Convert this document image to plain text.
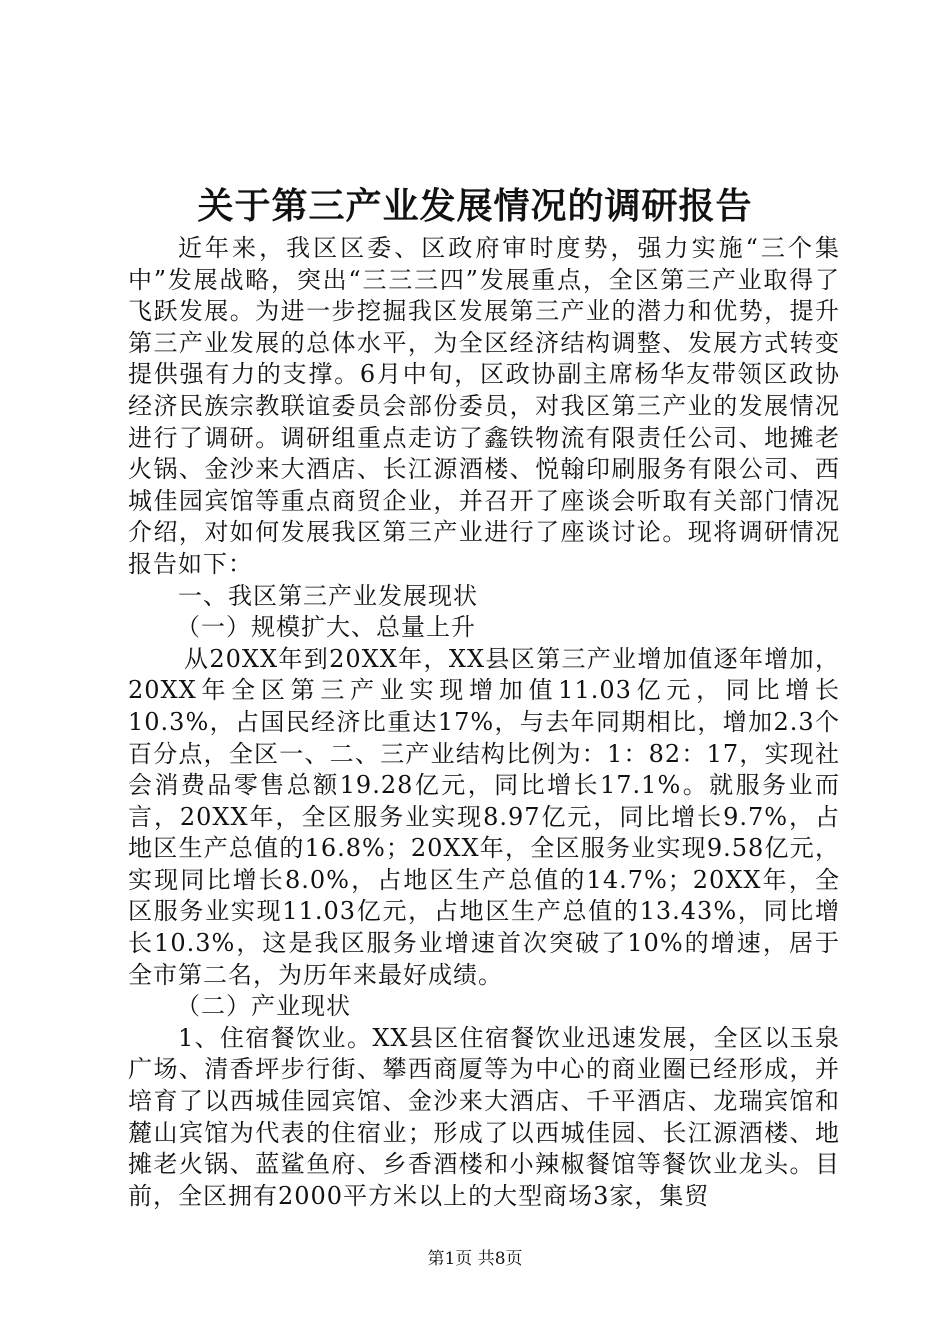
关于第三产业发展情况的调研报告

近年来，我区区委、区政府审时度势，强力实施“三个集中”发展战略，突出“三三三四”发展重点，全区第三产业取得了飞跃发展。为进一步挖掘我区发展第三产业的潜力和优势，提升第三产业发展的总体水平，为全区经济结构调整、发展方式转变提供强有力的支撑。6月中旬，区政协副主席杨华友带领区政协经济民族宗教联谊委员会部份委员，对我区第三产业的发展情况进行了调研。调研组重点走访了鑫铁物流有限责任公司、地摊老火锅、金沙来大酒店、长江源酒楼、悦翰印刷服务有限公司、西城佳园宾馆等重点商贸企业，并召开了座谈会听取有关部门情况介绍，对如何发展我区第三产业进行了座谈讨论。现将调研情况报告如下：

一、我区第三产业发展现状

（一）规模扩大、总量上升

从20XX年到20XX年，XX县区第三产业增加值逐年增加，20XX年全区第三产业实现增加值11.03亿元，同比增长10.3%，占国民经济比重达17%，与去年同期相比，增加2.3个百分点，全区一、二、三产业结构比例为：1：82：17，实现社会消费品零售总额19.28亿元，同比增长17.1%。就服务业而言，20XX年，全区服务业实现8.97亿元，同比增长9.7%，占地区生产总值的16.8%；20XX年，全区服务业实现9.58亿元，实现同比增长8.0%，占地区生产总值的14.7%；20XX年，全区服务业实现11.03亿元，占地区生产总值的13.43%，同比增长10.3%，这是我区服务业增速首次突破了10%的增速，居于全市第二名，为历年来最好成绩。

（二）产业现状

1、住宿餐饮业。XX县区住宿餐饮业迅速发展，全区以玉泉广场、清香坪步行街、攀西商厦等为中心的商业圈已经形成，并培育了以西城佳园宾馆、金沙来大酒店、千平酒店、龙瑞宾馆和麓山宾馆为代表的住宿业；形成了以西城佳园、长江源酒楼、地摊老火锅、蓝鲨鱼府、乡香酒楼和小辣椒餐馆等餐饮业龙头。目前，全区拥有2000平方米以上的大型商场3家，集贸

第1页 共8页
